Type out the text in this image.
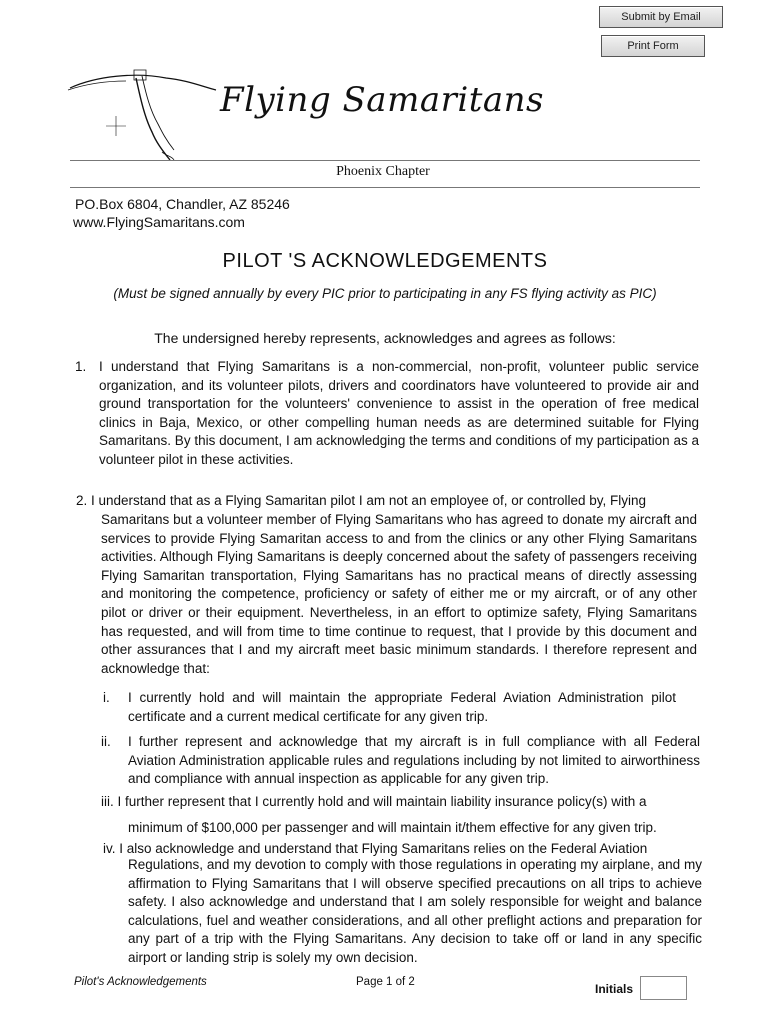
Submit by Email
Print Form
Flying Samaritans
Phoenix Chapter
PO.Box 6804, Chandler, AZ 85246
www.FlyingSamaritans.com
PILOT 'S ACKNOWLEDGEMENTS
(Must be signed annually by every PIC prior to participating in any FS flying activity as PIC)
The undersigned hereby represents, acknowledges and agrees as follows:
1. I understand that Flying Samaritans is a non-commercial, non-profit, volunteer public service organization, and its volunteer pilots, drivers and coordinators have volunteered to provide air and ground transportation for the volunteers' convenience to assist in the operation of free medical clinics in Baja, Mexico, or other compelling human needs as are determined suitable for Flying Samaritans. By this document, I am acknowledging the terms and conditions of my participation as a volunteer pilot in these activities.
2. I understand that as a Flying Samaritan pilot I am not an employee of, or controlled by, Flying
Samaritans but a volunteer member of Flying Samaritans who has agreed to donate my aircraft and services to provide Flying Samaritan access to and from the clinics or any other Flying Samaritans activities. Although Flying Samaritans is deeply concerned about the safety of passengers receiving Flying Samaritan transportation, Flying Samaritans has no practical means of directly assessing and monitoring the competence, proficiency or safety of either me or my aircraft, or of any other pilot or driver or their equipment. Nevertheless, in an effort to optimize safety, Flying Samaritans has requested, and will from time to time continue to request, that I provide by this document and other assurances that I and my aircraft meet basic minimum standards. I therefore represent and acknowledge that:
i. I currently hold and will maintain the appropriate Federal Aviation Administration pilot certificate and a current medical certificate for any given trip.
ii. I further represent and acknowledge that my aircraft is in full compliance with all Federal Aviation Administration applicable rules and regulations including by not limited to airworthiness and compliance with annual inspection as applicable for any given trip.
iii. I further represent that I currently hold and will maintain liability insurance policy(s) with a
minimum of $100,000 per passenger and will maintain it/them effective for any given trip.
iv. I also acknowledge and understand that Flying Samaritans relies on the Federal Aviation
Regulations, and my devotion to comply with those regulations in operating my airplane, and my affirmation to Flying Samaritans that I will observe specified precautions on all trips to achieve safety. I also acknowledge and understand that I am solely responsible for weight and balance calculations, fuel and weather considerations, and all other preflight actions and preparation for any part of a trip with the Flying Samaritans. Any decision to take off or land in any specific airport or landing strip is solely my own decision.
Pilot's Acknowledgements	Page 1 of 2	Initials
